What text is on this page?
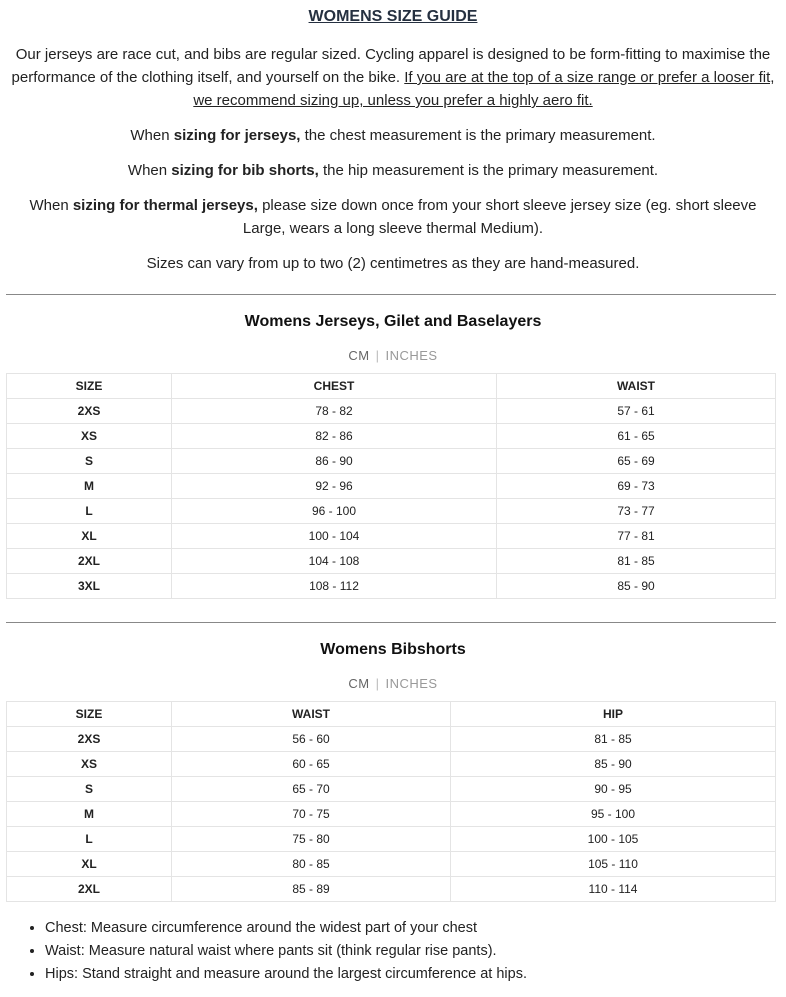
WOMENS SIZE GUIDE
Our jerseys are race cut, and bibs are regular sized. Cycling apparel is designed to be form-fitting to maximise the performance of the clothing itself, and yourself on the bike. If you are at the top of a size range or prefer a looser fit, we recommend sizing up, unless you prefer a highly aero fit.
When sizing for jerseys, the chest measurement is the primary measurement.
When sizing for bib shorts, the hip measurement is the primary measurement.
When sizing for thermal jerseys, please size down once from your short sleeve jersey size (eg. short sleeve Large, wears a long sleeve thermal Medium).
Sizes can vary from up to two (2) centimetres as they are hand-measured.
Womens Jerseys, Gilet and Baselayers
CM | INCHES
SIZE	CHEST	WAIST
2XS	78 - 82	57 - 61
XS	82 - 86	61 - 65
S	86 - 90	65 - 69
M	92 - 96	69 - 73
L	96 - 100	73 - 77
XL	100 - 104	77 - 81
2XL	104 - 108	81 - 85
3XL	108 - 112	85 - 90
Womens Bibshorts
CM | INCHES
SIZE	WAIST	HIP
2XS	56 - 60	81 - 85
XS	60 - 65	85 - 90
S	65 - 70	90 - 95
M	70 - 75	95 - 100
L	75 - 80	100 - 105
XL	80 - 85	105 - 110
2XL	85 - 89	110 - 114
• Chest: Measure circumference around the widest part of your chest
• Waist: Measure natural waist where pants sit (think regular rise pants).
• Hips: Stand straight and measure around the largest circumference at hips.
